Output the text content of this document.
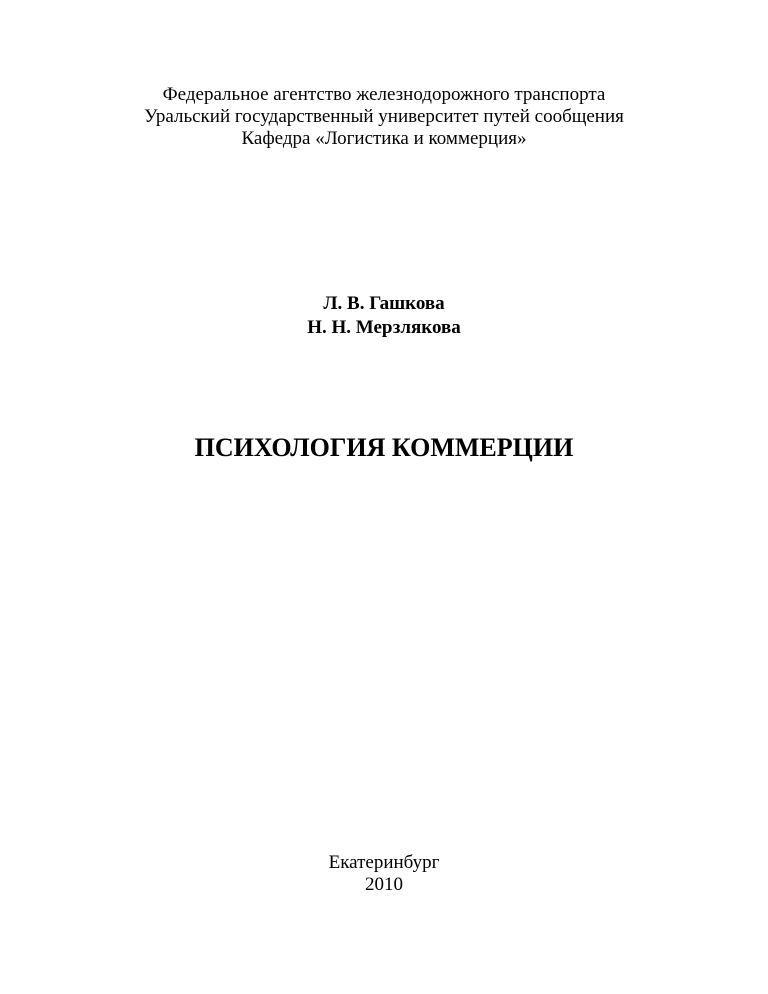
Федеральное агентство железнодорожного транспорта
Уральский государственный университет путей сообщения
Кафедра «Логистика и коммерция»
Л. В. Гашкова
Н. Н. Мерзлякова
ПСИХОЛОГИЯ КОММЕРЦИИ
Екатеринбург
2010
